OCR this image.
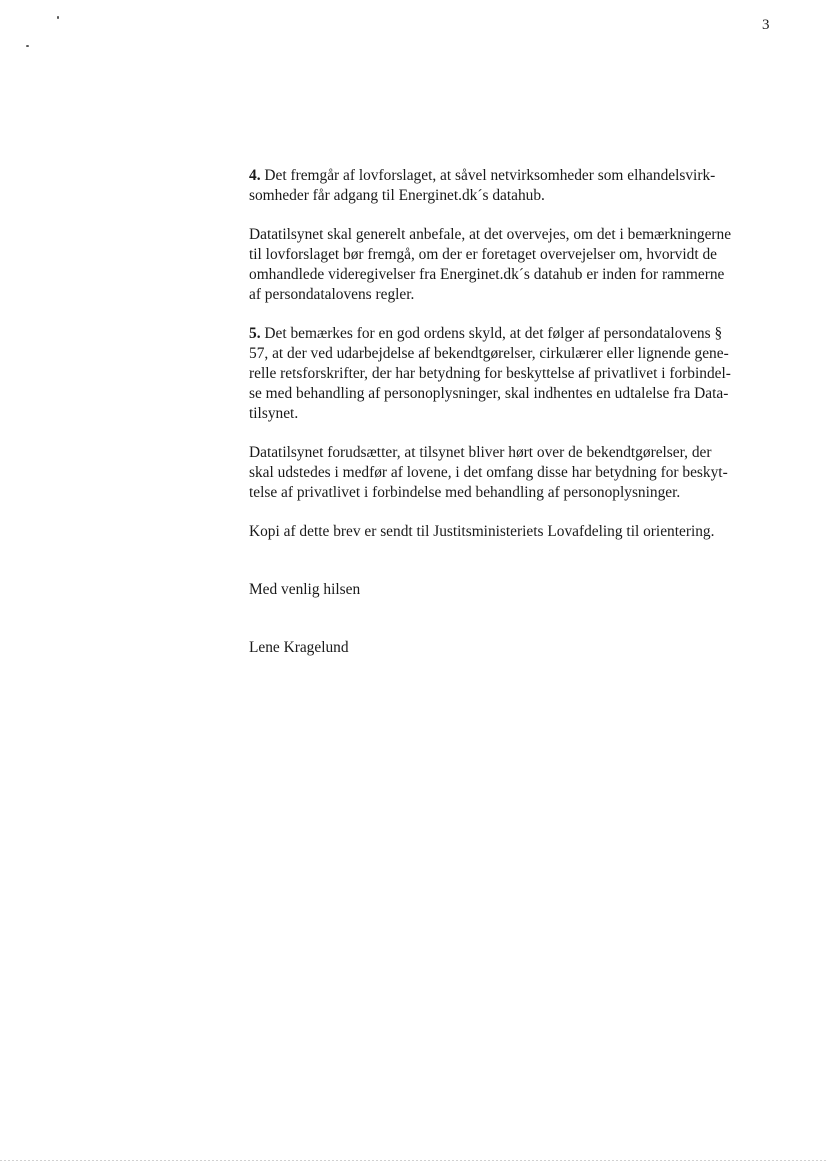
3
4. Det fremgår af lovforslaget, at såvel netvirksomheder som elhandelsvirk-
somheder får adgang til Energinet.dk´s datahub.
Datatilsynet skal generelt anbefale, at det overvejes, om det i bemærkningerne
til lovforslaget bør fremgå, om der er foretaget overvejelser om, hvorvidt de
omhandlede videregivelser fra Energinet.dk´s datahub er inden for rammerne
af persondatalovens regler.
5. Det bemærkes for en god ordens skyld, at det følger af persondatalovens §
57, at der ved udarbejdelse af bekendtgørelser, cirkulærer eller lignende gene-
relle retsforskrifter, der har betydning for beskyttelse af privatlivet i forbindel-
se med behandling af personoplysninger, skal indhentes en udtalelse fra Data-
tilsynet.
Datatilsynet forudsætter, at tilsynet bliver hørt over de bekendtgørelser, der
skal udstedes i medfør af lovene, i det omfang disse har betydning for beskyt-
telse af privatlivet i forbindelse med behandling af personoplysninger.
Kopi af dette brev er sendt til Justitsministeriets Lovafdeling til orientering.
Med venlig hilsen
Lene Kragelund
